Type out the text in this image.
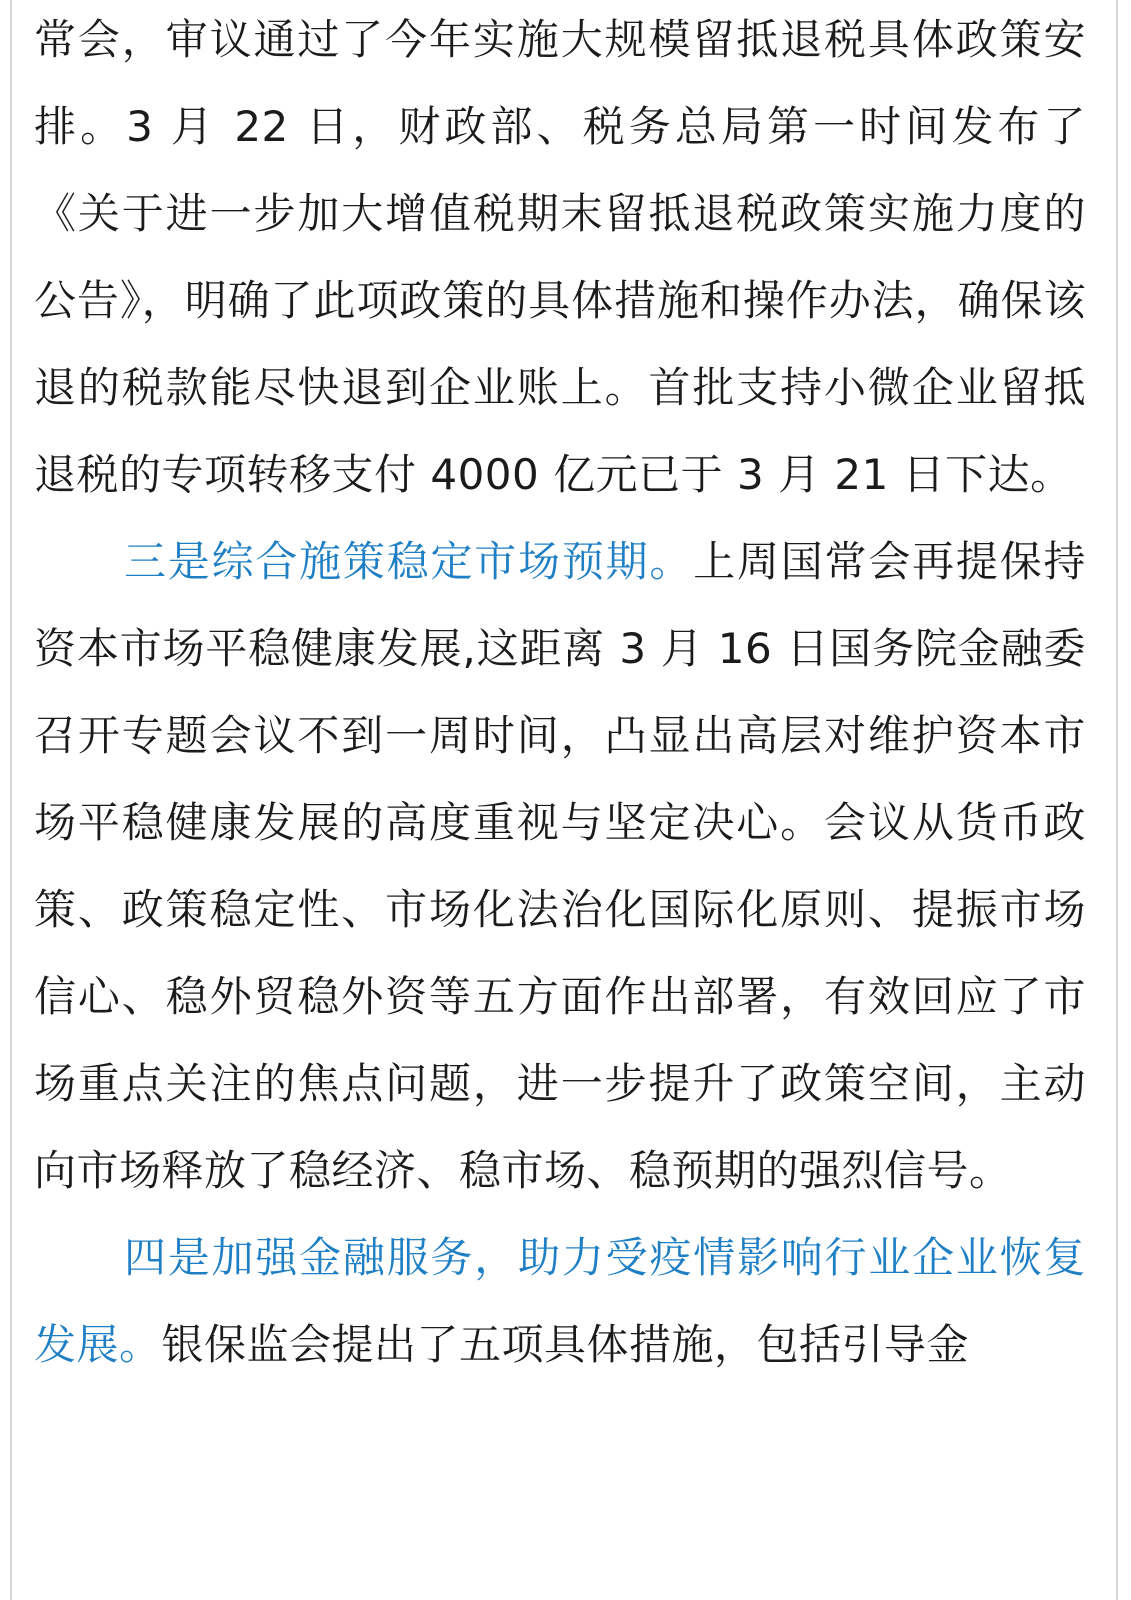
常会，审议通过了今年实施大规模留抵退税具体政策安排。3 月 22 日，财政部、税务总局第一时间发布了《关于进一步加大增值税期末留抵退税政策实施力度的公告》，明确了此项政策的具体措施和操作办法，确保该退的税款能尽快退到企业账上。首批支持小微企业留抵退税的专项转移支付 4000 亿元已于 3 月 21 日下达。

三是综合施策稳定市场预期。上周国常会再提保持资本市场平稳健康发展,这距离 3 月 16 日国务院金融委召开专题会议不到一周时间，凸显出高层对维护资本市场平稳健康发展的高度重视与坚定决心。会议从货币政策、政策稳定性、市场化法治化国际化原则、提振市场信心、稳外贸稳外资等五方面作出部署，有效回应了市场重点关注的焦点问题，进一步提升了政策空间，主动向市场释放了稳经济、稳市场、稳预期的强烈信号。

四是加强金融服务，助力受疫情影响行业企业恢复发展。银保监会提出了五项具体措施，包括引导金
